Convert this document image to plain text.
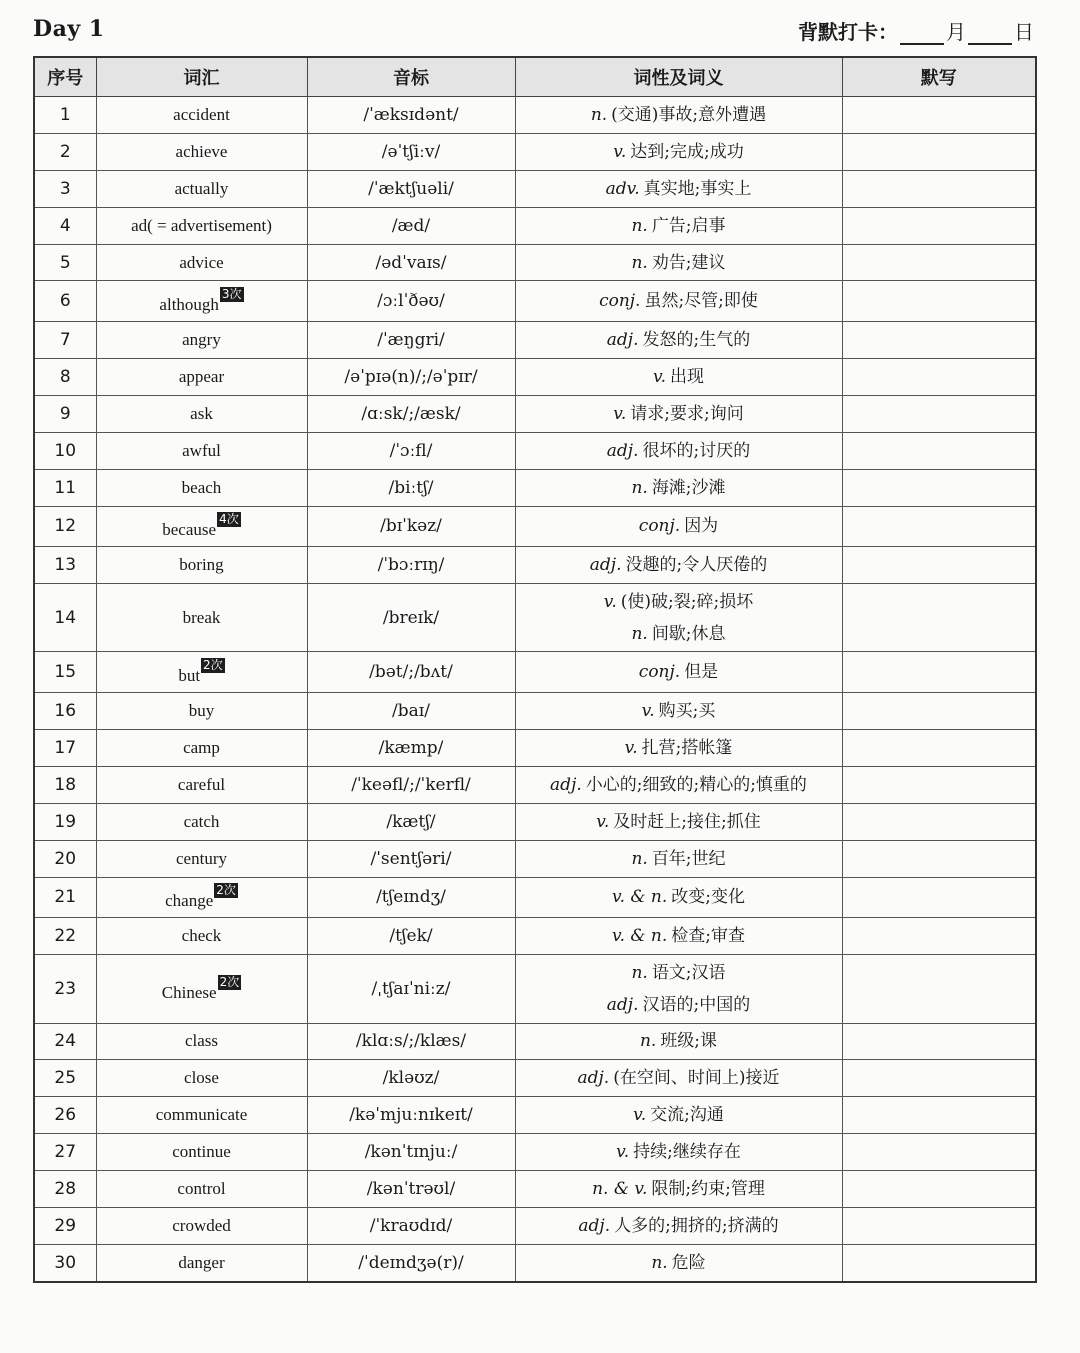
Day 1	背默打卡： 月 日
序号	词汇	音标	词性及词义	默写
1	accident	/ˈæksɪdənt/	n. (交通)事故;意外遭遇	

2	achieve	/əˈtʃiːv/	v. 达到;完成;成功	

3	actually	/ˈæktʃuəli/	adv. 真实地;事实上	

4	ad( = advertisement)	/æd/	n. 广告;启事	

5	advice	/ədˈvaɪs/	n. 劝告;建议	

6	although3次	/ɔːlˈðəʊ/	conj. 虽然;尽管;即使	

7	angry	/ˈæŋgri/	adj. 发怒的;生气的	

8	appear	/əˈpɪə(n)/;/əˈpɪr/	v. 出现	

9	ask	/ɑːsk/;/æsk/	v. 请求;要求;询问	

10	awful	/ˈɔːfl/	adj. 很坏的;讨厌的	

11	beach	/biːtʃ/	n. 海滩;沙滩	

12	because4次	/bɪˈkəz/	conj. 因为	

13	boring	/ˈbɔːrɪŋ/	adj. 没趣的;令人厌倦的	

14	break	/breɪk/	v. (使)破;裂;碎;损坏
n. 间歇;休息	

15	but2次	/bət/;/bʌt/	conj. 但是	

16	buy	/baɪ/	v. 购买;买	

17	camp	/kæmp/	v. 扎营;搭帐篷	

18	careful	/ˈkeəfl/;/ˈkerfl/	adj. 小心的;细致的;精心的;慎重的	

19	catch	/kætʃ/	v. 及时赶上;接住;抓住	

20	century	/ˈsentʃəri/	n. 百年;世纪	

21	change2次	/tʃeɪndʒ/	v. & n. 改变;变化	

22	check	/tʃek/	v. & n. 检查;审查	

23	Chinese2次	/ˌtʃaɪˈniːz/	n. 语文;汉语
adj. 汉语的;中国的	

24	class	/klɑːs/;/klæs/	n. 班级;课	

25	close	/kləʊz/	adj. (在空间、时间上)接近	

26	communicate	/kəˈmjuːnɪkeɪt/	v. 交流;沟通	

27	continue	/kənˈtɪnjuː/	v. 持续;继续存在	

28	control	/kənˈtrəʊl/	n. & v. 限制;约束;管理	

29	crowded	/ˈkraʊdɪd/	adj. 人多的;拥挤的;挤满的	

30	danger	/ˈdeɪndʒə(r)/	n. 危险	
